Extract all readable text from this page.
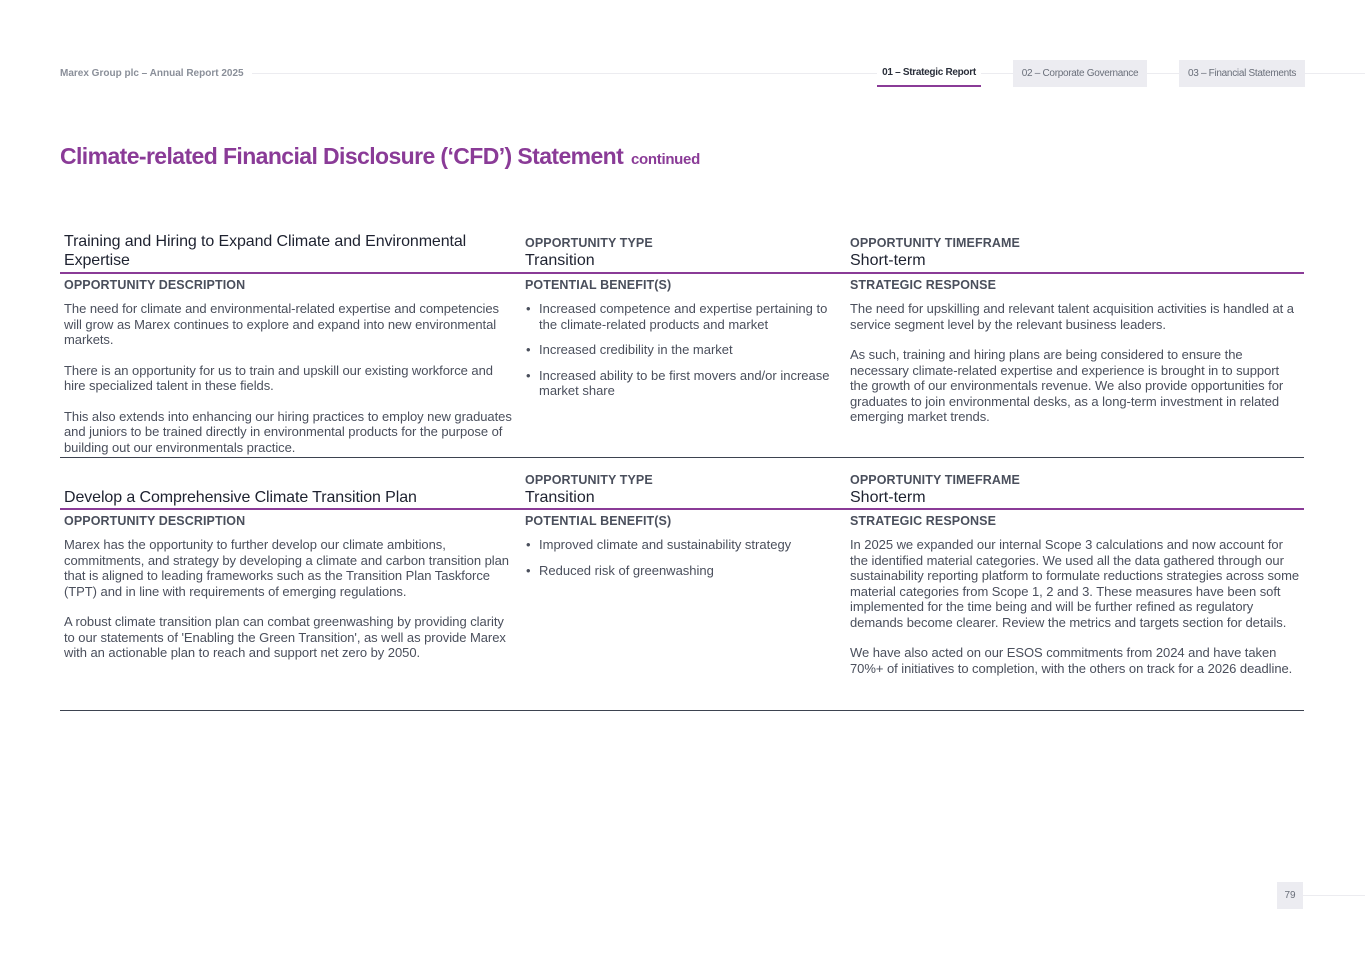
Marex Group plc – Annual Report 2025	01 – Strategic Report	02 – Corporate Governance	03 – Financial Statements
Climate-related Financial Disclosure (‘CFD’) Statement continued
Training and Hiring to Expand Climate and Environmental Expertise
OPPORTUNITY TYPE
Transition
OPPORTUNITY TIMEFRAME
Short-term
OPPORTUNITY DESCRIPTION

The need for climate and environmental-related expertise and competencies will grow as Marex continues to explore and expand into new environmental markets.

There is an opportunity for us to train and upskill our existing workforce and hire specialized talent in these fields.

This also extends into enhancing our hiring practices to employ new graduates and juniors to be trained directly in environmental products for the purpose of building out our environmentals practice.

POTENTIAL BENEFIT(S)
• Increased competence and expertise pertaining to the climate-related products and market
• Increased credibility in the market
• Increased ability to be first movers and/or increase market share
STRATEGIC RESPONSE

The need for upskilling and relevant talent acquisition activities is handled at a service segment level by the relevant business leaders.

As such, training and hiring plans are being considered to ensure the necessary climate-related expertise and experience is brought in to support the growth of our environmentals revenue. We also provide opportunities for graduates to join environmental desks, as a long-term investment in related emerging market trends.

Develop a Comprehensive Climate Transition Plan
OPPORTUNITY TYPE
Transition
OPPORTUNITY TIMEFRAME
Short-term
OPPORTUNITY DESCRIPTION

Marex has the opportunity to further develop our climate ambitions, commitments, and strategy by developing a climate and carbon transition plan that is aligned to leading frameworks such as the Transition Plan Taskforce (TPT) and in line with requirements of emerging regulations.

A robust climate transition plan can combat greenwashing by providing clarity to our statements of 'Enabling the Green Transition', as well as provide Marex with an actionable plan to reach and support net zero by 2050.

POTENTIAL BENEFIT(S)
• Improved climate and sustainability strategy
• Reduced risk of greenwashing
STRATEGIC RESPONSE

In 2025 we expanded our internal Scope 3 calculations and now account for the identified material categories. We used all the data gathered through our sustainability reporting platform to formulate reductions strategies across some material categories from Scope 1, 2 and 3. These measures have been soft implemented for the time being and will be further refined as regulatory demands become clearer. Review the metrics and targets section for details.

We have also acted on our ESOS commitments from 2024 and have taken 70%+ of initiatives to completion, with the others on track for a 2026 deadline.

79
